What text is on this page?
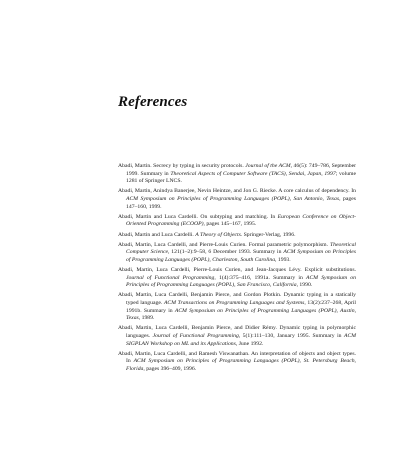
References
Abadi, Martin. Secrecy by typing in security protocols. Journal of the ACM, 46(5): 749–786, September 1999. Summary in Theoretical Aspects of Computer Software (TACS), Sendai, Japan, 1997; volume 1281 of Springer LNCS.
Abadi, Martin, Anindya Banerjee, Nevin Heintze, and Jon G. Riecke. A core calculus of dependency. In ACM Symposium on Principles of Programming Languages (POPL), San Antonio, Texas, pages 147–160, 1999.
Abadi, Martin and Luca Cardelli. On subtyping and matching. In European Conference on Object-Oriented Programming (ECOOP), pages 145–167, 1995.
Abadi, Martin and Luca Cardelli. A Theory of Objects. Springer-Verlag, 1996.
Abadi, Martin, Luca Cardelli, and Pierre-Louis Curien. Formal parametric polymorphism. Theoretical Computer Science, 121(1–2):9–58, 6 December 1993. Summary in ACM Symposium on Principles of Programming Languages (POPL), Charleston, South Carolina, 1993.
Abadi, Martin, Luca Cardelli, Pierre-Louis Curien, and Jean-Jacques Lévy. Explicit substitutions. Journal of Functional Programming, 1(4):375–416, 1991a. Summary in ACM Symposium on Principles of Programming Languages (POPL), San Francisco, California, 1990.
Abadi, Martin, Luca Cardelli, Benjamin Pierce, and Gordon Plotkin. Dynamic typing in a statically typed language. ACM Transactions on Programming Languages and Systems, 13(2):237–268, April 1991b. Summary in ACM Symposium on Principles of Programming Languages (POPL), Austin, Texas, 1989.
Abadi, Martin, Luca Cardelli, Benjamin Pierce, and Didier Rémy. Dynamic typing in polymorphic languages. Journal of Functional Programming, 5(1):111–130, January 1995. Summary in ACM SIGPLAN Workshop on ML and its Applications, June 1992.
Abadi, Martin, Luca Cardelli, and Ramesh Viswanathan. An interpretation of objects and object types. In ACM Symposium on Principles of Programming Languages (POPL), St. Petersburg Beach, Florida, pages 396–409, 1996.
